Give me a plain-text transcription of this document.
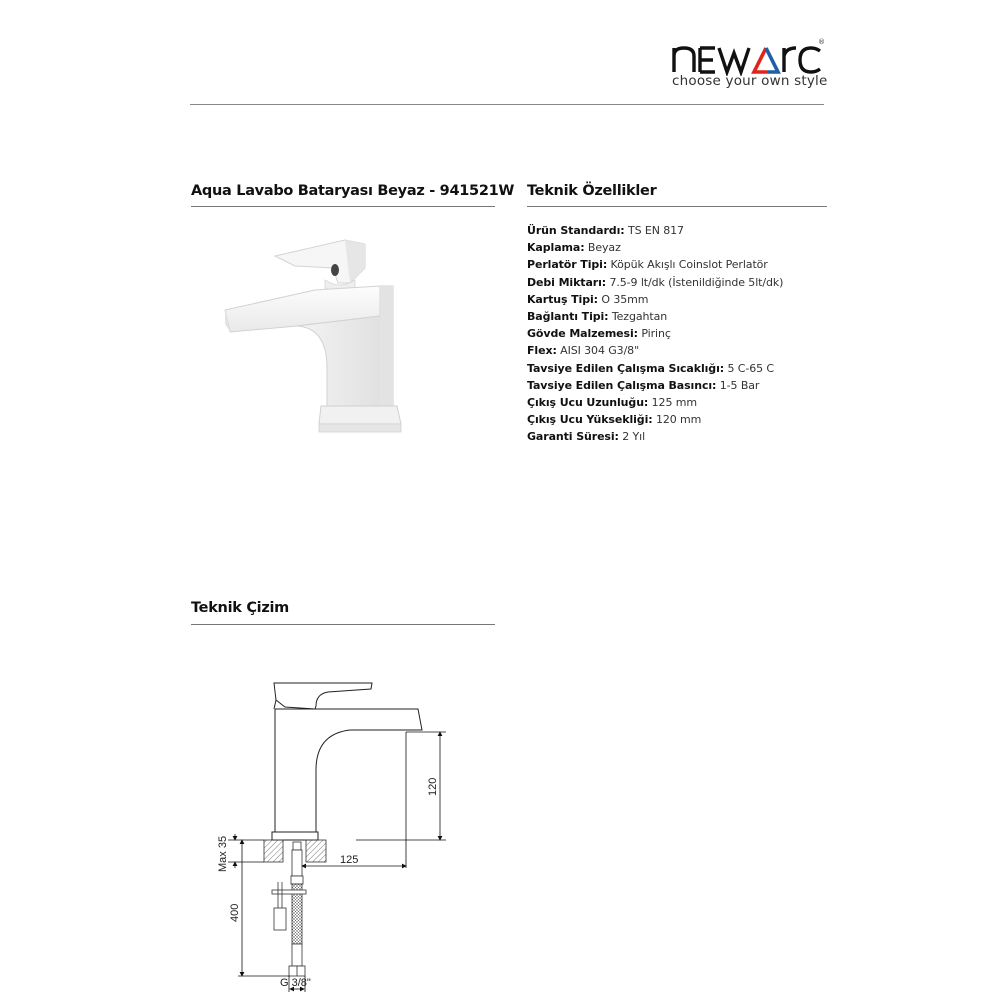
®
choose your own style
Aqua Lavabo Bataryası Beyaz - 941521W Teknik Özellikler
Ürün Standardı: TS EN 817
Kaplama: Beyaz
Perlatör Tipi: Köpük Akışlı Coinslot Perlatör
Debi Miktarı: 7.5-9 lt/dk (İstenildiğinde 5lt/dk)
Kartuş Tipi: O 35mm
Bağlantı Tipi: Tezgahtan
Gövde Malzemesi: Pirinç
Flex: AISI 304 G3/8"
Tavsiye Edilen Çalışma Sıcaklığı: 5 C-65 C
Tavsiye Edilen Çalışma Basıncı: 1-5 Bar
Çıkış Ucu Uzunluğu: 125 mm
Çıkış Ucu Yüksekliği: 120 mm
Garanti Süresi: 2 Yıl
Teknik Çizim
120
125
Max 35
400
G 3/8"
